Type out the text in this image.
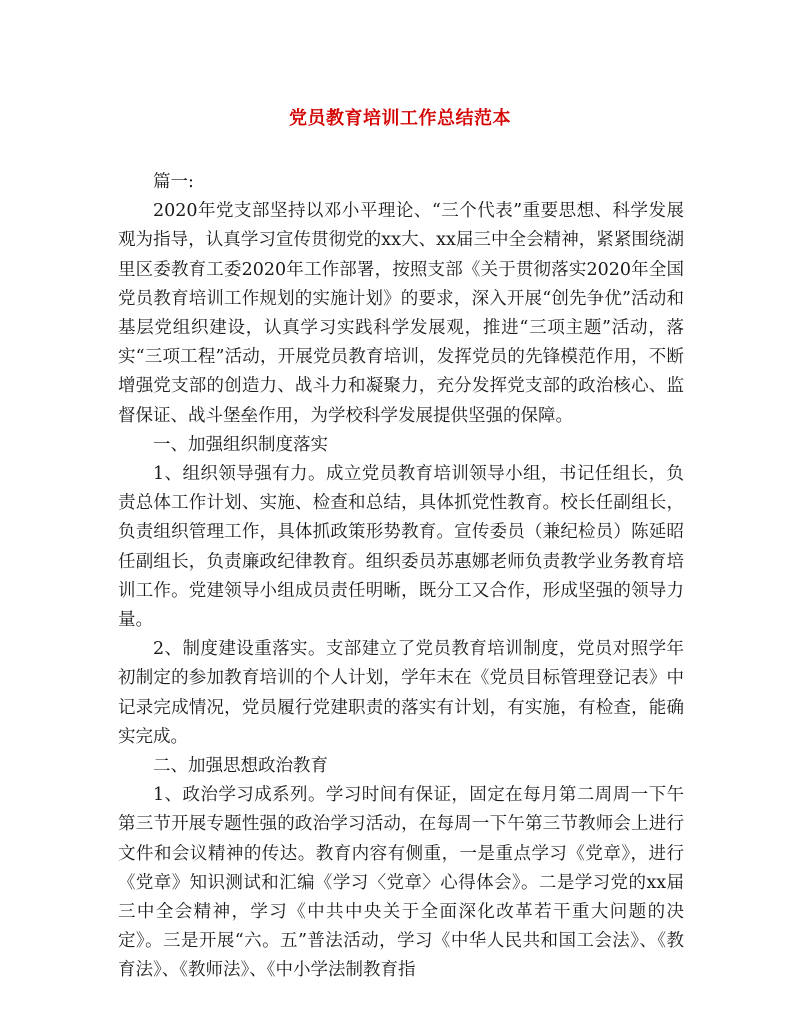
党员教育培训工作总结范本

篇一:

2020年党支部坚持以邓小平理论、“三个代表”重要思想、科学发展观为指导，认真学习宣传贯彻党的xx大、xx届三中全会精神，紧紧围绕湖里区委教育工委2020年工作部署，按照支部《关于贯彻落实2020年全国党员教育培训工作规划的实施计划》的要求，深入开展“创先争优”活动和基层党组织建设，认真学习实践科学发展观，推进“三项主题”活动，落实“三项工程”活动，开展党员教育培训，发挥党员的先锋模范作用，不断增强党支部的创造力、战斗力和凝聚力，充分发挥党支部的政治核心、监督保证、战斗堡垒作用，为学校科学发展提供坚强的保障。

一、加强组织制度落实

1、组织领导强有力。成立党员教育培训领导小组，书记任组长，负责总体工作计划、实施、检查和总结，具体抓党性教育。校长任副组长，负责组织管理工作，具体抓政策形势教育。宣传委员（兼纪检员）陈延昭任副组长，负责廉政纪律教育。组织委员苏惠娜老师负责教学业务教育培训工作。党建领导小组成员责任明晰，既分工又合作，形成坚强的领导力量。

2、制度建设重落实。支部建立了党员教育培训制度，党员对照学年初制定的参加教育培训的个人计划，学年末在《党员目标管理登记表》中记录完成情况，党员履行党建职责的落实有计划，有实施，有检查，能确实完成。

二、加强思想政治教育

1、政治学习成系列。学习时间有保证，固定在每月第二周周一下午第三节开展专题性强的政治学习活动，在每周一下午第三节教师会上进行文件和会议精神的传达。教育内容有侧重，一是重点学习《党章》，进行《党章》知识测试和汇编《学习〈党章〉心得体会》。二是学习党的xx届三中全会精神，学习《中共中央关于全面深化改革若干重大问题的决定》。三是开展“六。五”普法活动，学习《中华人民共和国工会法》、《教育法》、《教师法》、《中小学法制教育指
